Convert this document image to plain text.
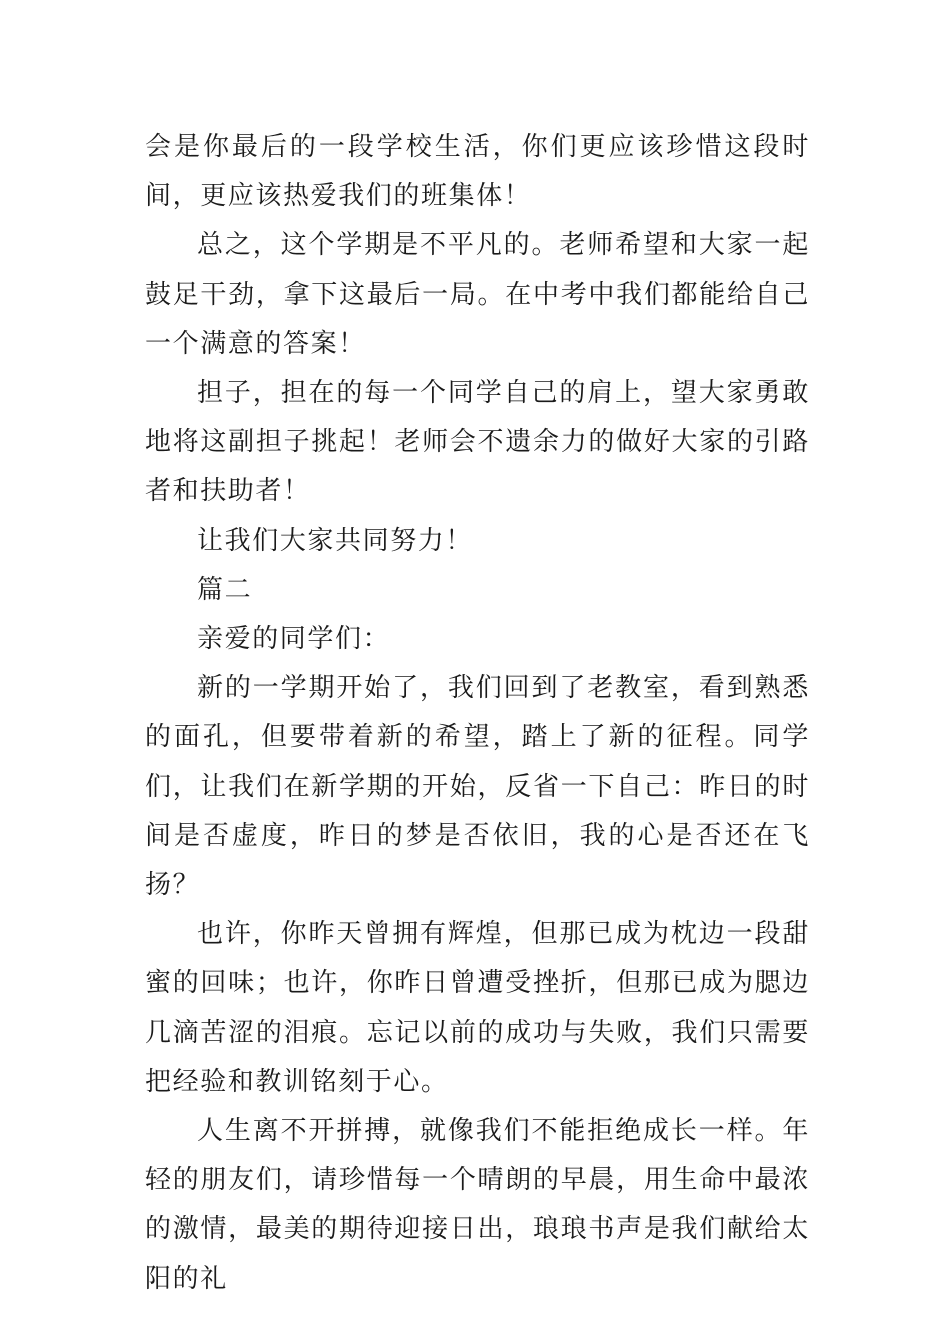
会是你最后的一段学校生活，你们更应该珍惜这段时间，更应该热爱我们的班集体！

总之，这个学期是不平凡的。老师希望和大家一起鼓足干劲，拿下这最后一局。在中考中我们都能给自己一个满意的答案！

担子，担在的每一个同学自己的肩上，望大家勇敢地将这副担子挑起！老师会不遗余力的做好大家的引路者和扶助者！

让我们大家共同努力！

篇二

亲爱的同学们：

新的一学期开始了，我们回到了老教室，看到熟悉的面孔，但要带着新的希望，踏上了新的征程。同学们，让我们在新学期的开始，反省一下自己：昨日的时间是否虚度，昨日的梦是否依旧，我的心是否还在飞扬？

也许，你昨天曾拥有辉煌，但那已成为枕边一段甜蜜的回味；也许，你昨日曾遭受挫折，但那已成为腮边几滴苦涩的泪痕。忘记以前的成功与失败，我们只需要把经验和教训铭刻于心。

人生离不开拼搏，就像我们不能拒绝成长一样。年轻的朋友们，请珍惜每一个晴朗的早晨，用生命中最浓的激情，最美的期待迎接日出，琅琅书声是我们献给太阳的礼
